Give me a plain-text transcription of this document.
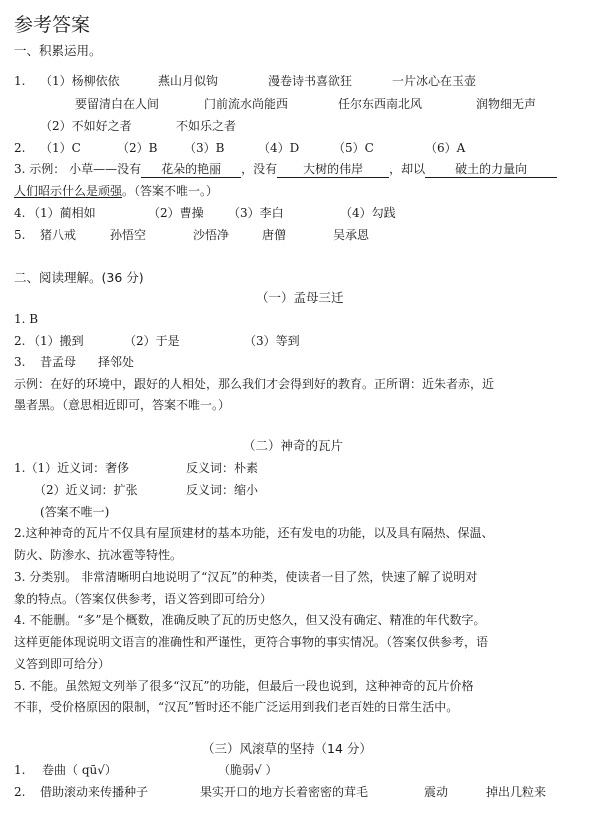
参考答案
一、积累运用。
1. （1）杨柳依依	燕山月似钩	漫卷诗书喜欲狂	一片冰心在玉壶
要留清白在人间	门前流水尚能西	任尔东西南北风	润物细无声
（2）不如好之者	不如乐之者
2. （1）C	（2）B （3）B	（4）D	（5）C	（6）A
3. 示例： 小草——没有 花朵的艳丽 ，没有 大树的伟岸 ，却以 破土的力量向
人们昭示什么是顽强。（答案不唯一。）
4. （1）蔺相如	（2）曹操 （3）李白	（4）勾践
5. 猪八戒	孙悟空	沙悟净	唐僧	吴承恩
二、阅读理解。(36 分)
（一）孟母三迁
1. B
2. （1）搬到	（2）于是	（3）等到
3. 昔孟母 择邻处
示例：在好的环境中，跟好的人相处，那么我们才会得到好的教育。正所谓：近朱者赤，近
墨者黑。（意思相近即可，答案不唯一。）
（二）神奇的瓦片
1.（1）近义词：奢侈	反义词：朴素
（2）近义词：扩张	反义词：缩小
(答案不唯一)
2.这种神奇的瓦片不仅具有屋顶建材的基本功能，还有发电的功能，以及具有隔热、保温、
防火、防渗水、抗冰雹等特性。
3. 分类别。 非常清晰明白地说明了“汉瓦”的种类，使读者一目了然，快速了解了说明对
象的特点。（答案仅供参考，语义答到即可给分）
4. 不能删。“多”是个概数，准确反映了瓦的历史悠久，但又没有确定、精准的年代数字。
这样更能体现说明文语言的准确性和严谨性，更符合事物的事实情况。（答案仅供参考，语
义答到即可给分）
5. 不能。虽然短文列举了很多“汉瓦”的功能，但最后一段也说到，这种神奇的瓦片价格
不菲，受价格原因的限制，“汉瓦”暂时还不能广泛运用到我们老百姓的日常生活中。
（三）风滚草的坚持（14 分）
1. 卷曲（ qū√）	（脆弱√ ）
2. 借助滚动来传播种子	果实开口的地方长着密密的茸毛	震动	掉出几粒来
